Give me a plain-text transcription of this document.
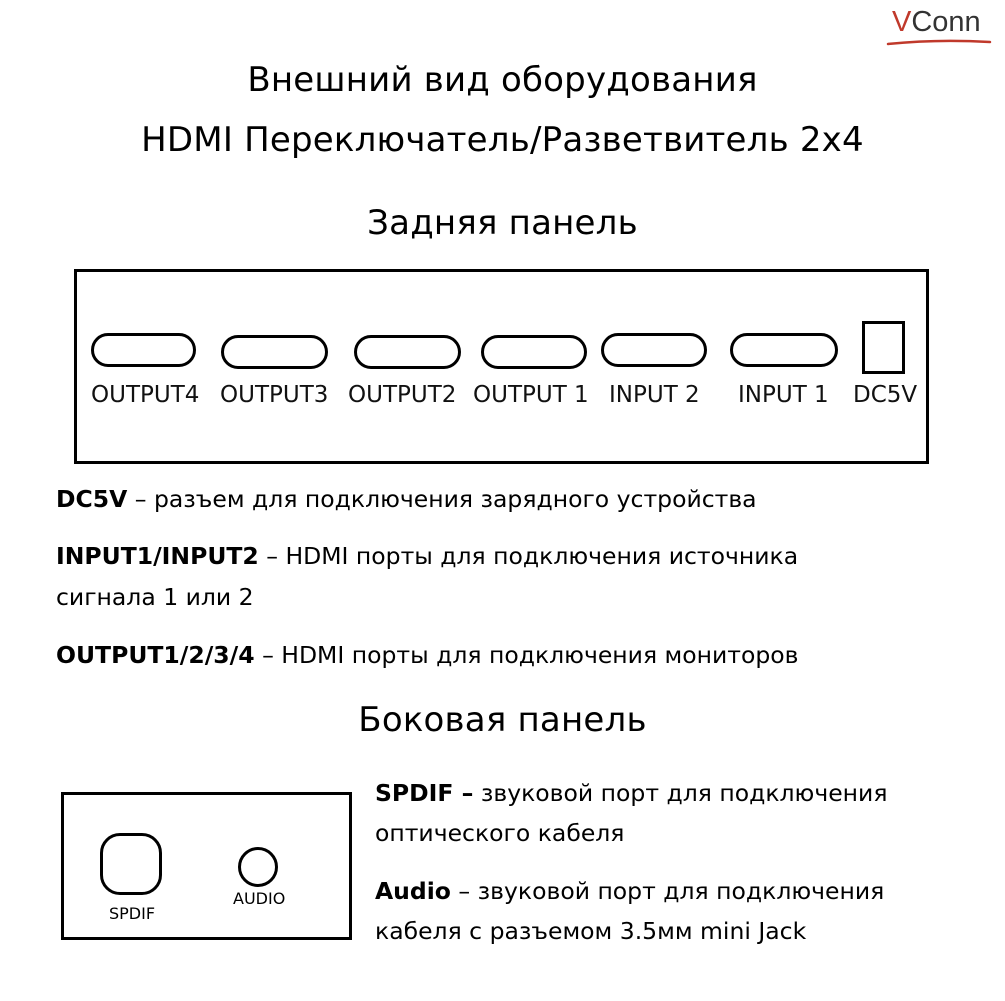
VConn
Внешний вид оборудования
HDMI Переключатель/Разветвитель 2x4
Задняя панель
OUTPUT4 OUTPUT3 OUTPUT2 OUTPUT 1 INPUT 2 INPUT 1 DC5V
DC5V – разъем для подключения зарядного устройства
INPUT1/INPUT2 – HDMI порты для подключения источника
сигнала 1 или 2
OUTPUT1/2/3/4 – HDMI порты для подключения мониторов
Боковая панель
SPDIF
AUDIO
SPDIF – звуковой порт для подключения
оптического кабеля
Audio – звуковой порт для подключения
кабеля с разъемом 3.5мм mini Jack
